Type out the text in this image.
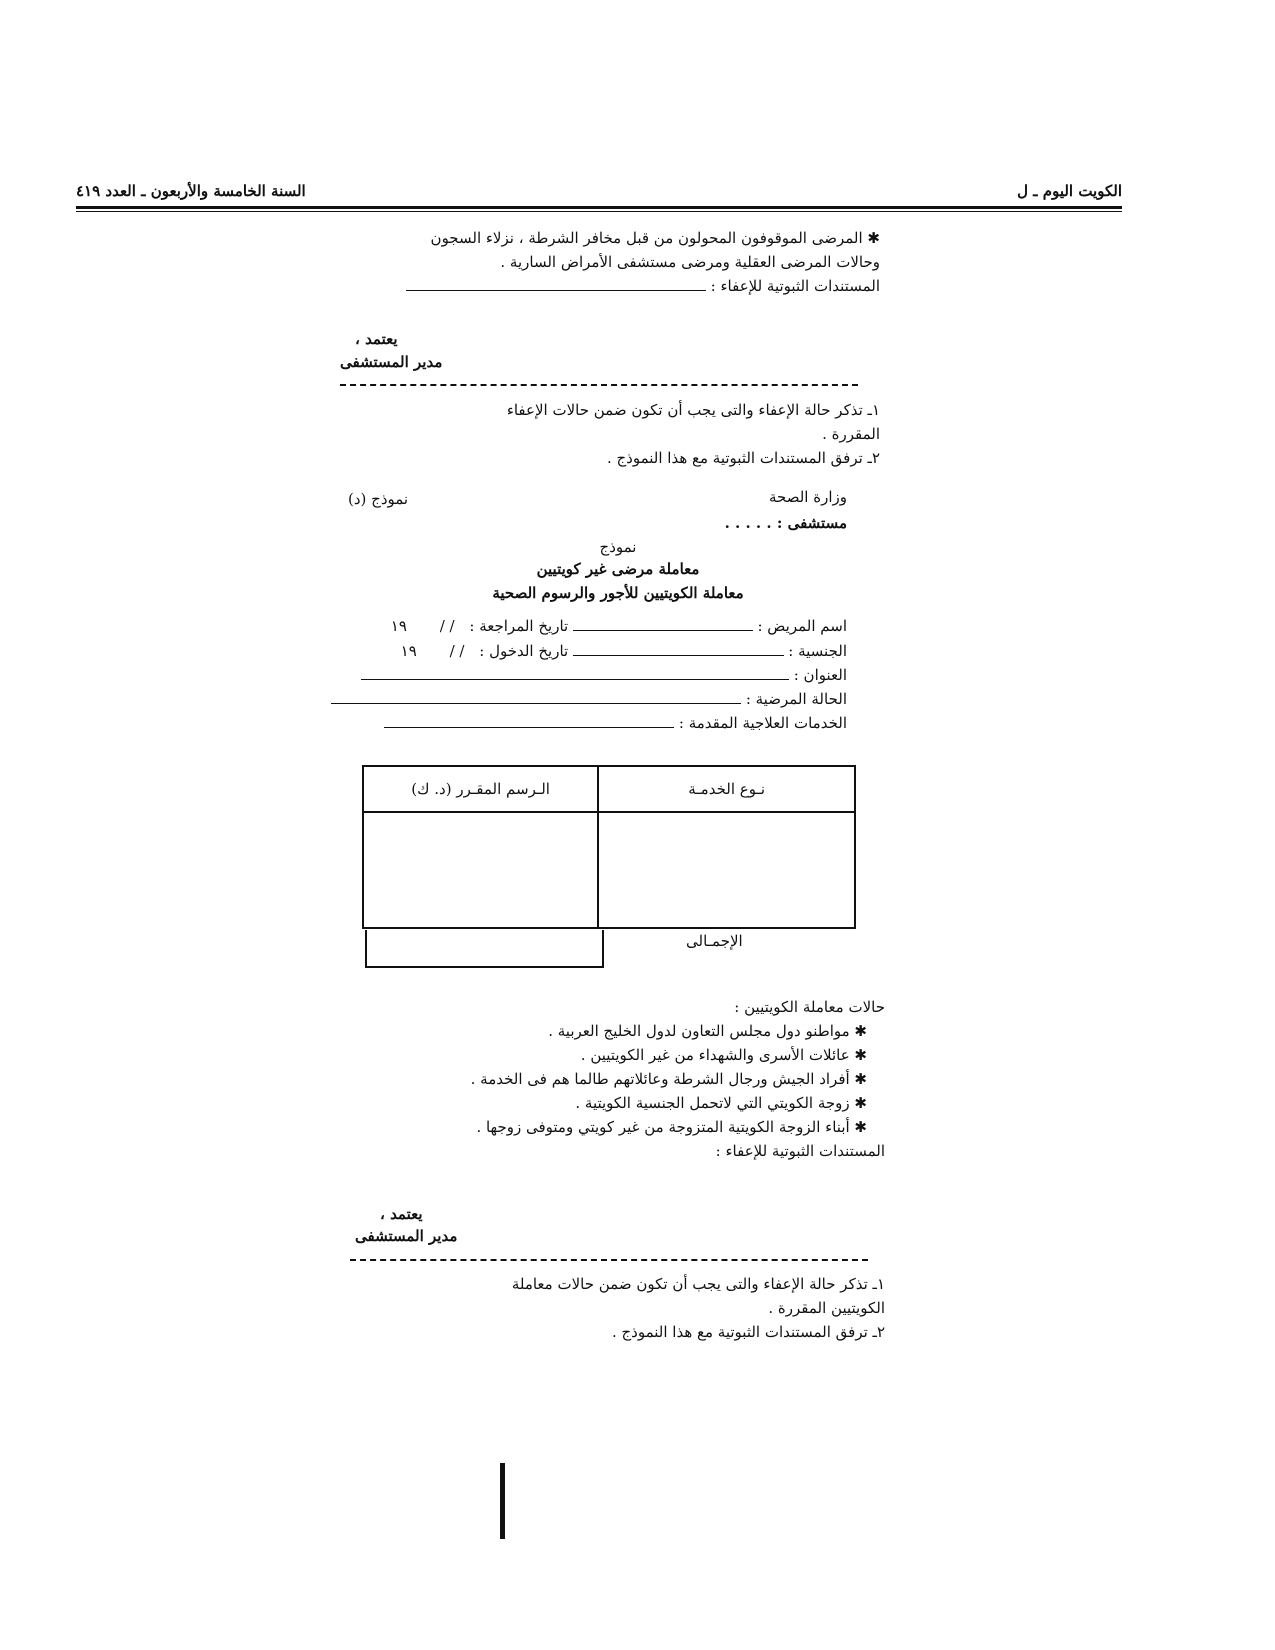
الكويت اليوم ـ ل
السنة الخامسة والأربعون ـ العدد ٤١٩
✱ المرضى الموقوفون المحولون من قبل مخافر الشرطة ، نزلاء السجون
وحالات المرضى العقلية ومرضى مستشفى الأمراض السارية .
المستندات الثبوتية للإعفاء :
يعتمد ،
مدير المستشفى
١ـ تذكر حالة الإعفاء والتى يجب أن تكون ضمن حالات الإعفاء
المقررة .
٢ـ ترفق المستندات الثبوتية مع هذا النموذج .
وزارة الصحة
مستشفى : . . . . .
نموذج (د)
نموذج
معاملة مرضى غير كويتيين
معاملة الكويتيين للأجور والرسوم الصحية
اسم المريض :
تاريخ المراجعة : / / ١٩
الجنسية :
تاريخ الدخول : / / ١٩
العنوان :
الحالة المرضية :
الخدمات العلاجية المقدمة :
نـوع الخدمـة	الـرسم المقـرر (د. ك)

الإجمـالى
حالات معاملة الكويتيين :
✱ مواطنو دول مجلس التعاون لدول الخليج العربية .
✱ عائلات الأسرى والشهداء من غير الكويتيين .
✱ أفراد الجيش ورجال الشرطة وعائلاتهم طالما هم فى الخدمة .
✱ زوجة الكويتي التي لاتحمل الجنسية الكويتية .
✱ أبناء الزوجة الكويتية المتزوجة من غير كويتي ومتوفى زوجها .
المستندات الثبوتية للإعفاء :
يعتمد ،
مدير المستشفى
١ـ تذكر حالة الإعفاء والتى يجب أن تكون ضمن حالات معاملة
الكويتيين المقررة .
٢ـ ترفق المستندات الثبوتية مع هذا النموذج .
